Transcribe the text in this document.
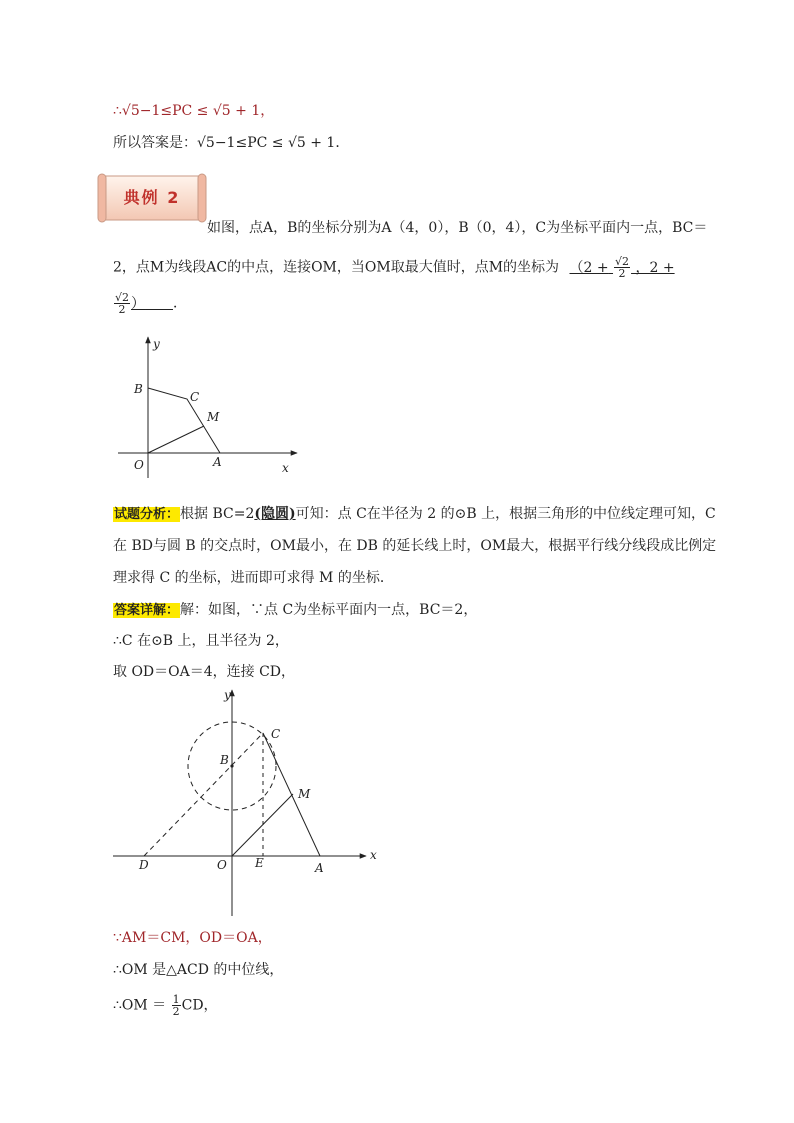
∴√5−1≤PC ≤ √5 + 1，
所以答案是：√5−1≤PC ≤ √5 + 1．
典例 2
如图，点A，B的坐标分别为A（4，0），B（0，4），C为坐标平面内一点，BC＝
2，点M为线段AC的中点，连接OM，当OM取最大值时，点M的坐标为 （$2 + \frac{√2}{2}$ ，2 +
$\frac{√2}{2}$ ）   ．
y
B
C
M
O	A	x
试题分析：根据 BC=2(隐圆)可知：点 C在半径为 2 的⊙B 上，根据三角形的中位线定理可知，C
在 BD与圆 B 的交点时，OM最小，在 DB 的延长线上时，OM最大，根据平行线分线段成比例定
理求得 C 的坐标，进而即可求得 M 的坐标．
答案详解：解：如图，∵点 C为坐标平面内一点，BC＝2，
∴C 在⊙B 上，且半径为 2，
取 OD＝OA＝4，连接 CD，
y
C
B
M
D	O E	A
x
∵AM＝CM，OD＝OA，
∴OM 是△ACD 的中位线，
∴OM ＝ $\frac{1}{2}$ CD，
